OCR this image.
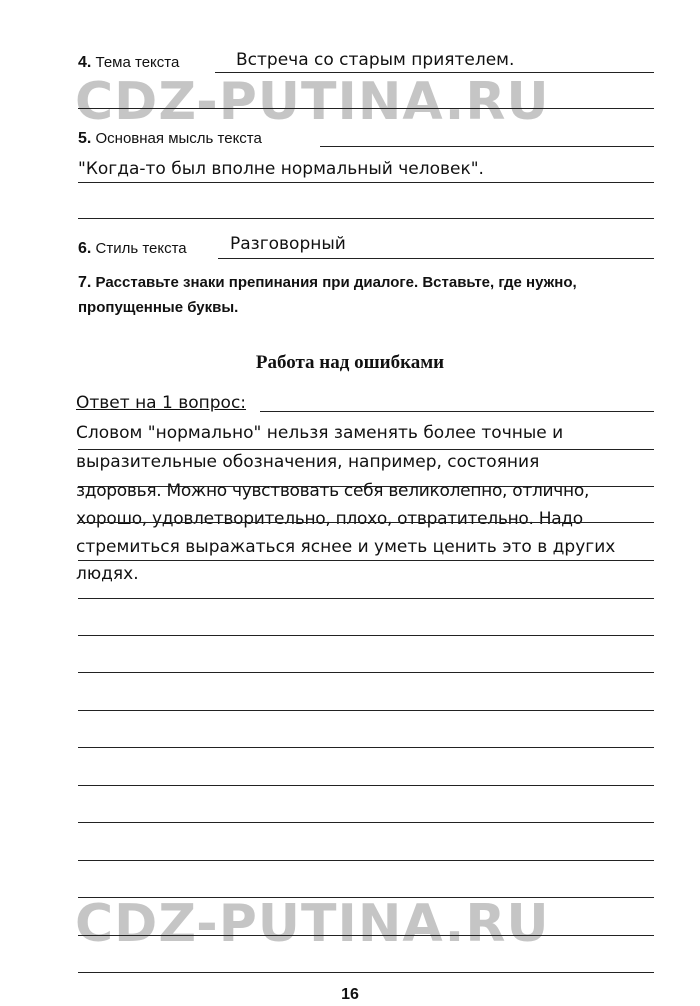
CDZ-PUTINA.RU
CDZ-PUTINA.RU
4. Тема текста	Встреча со старым приятелем.
5. Основная мысль текста
"Когда-то был вполне нормальный человек".
6. Стиль текста	Разговорный
7. Расставьте знаки препинания при диалоге. Вставьте, где нужно,
пропущенные буквы.
Работа над ошибками
Ответ на 1 вопрос:
Словом "нормально" нельзя заменять более точные и
выразительные обозначения, например, состояния
здоровья. Можно чувствовать себя великолепно, отлично,
хорошо, удовлетворительно, плохо, отвратительно. Надо
стремиться выражаться яснее и уметь ценить это в других
людях.
16
